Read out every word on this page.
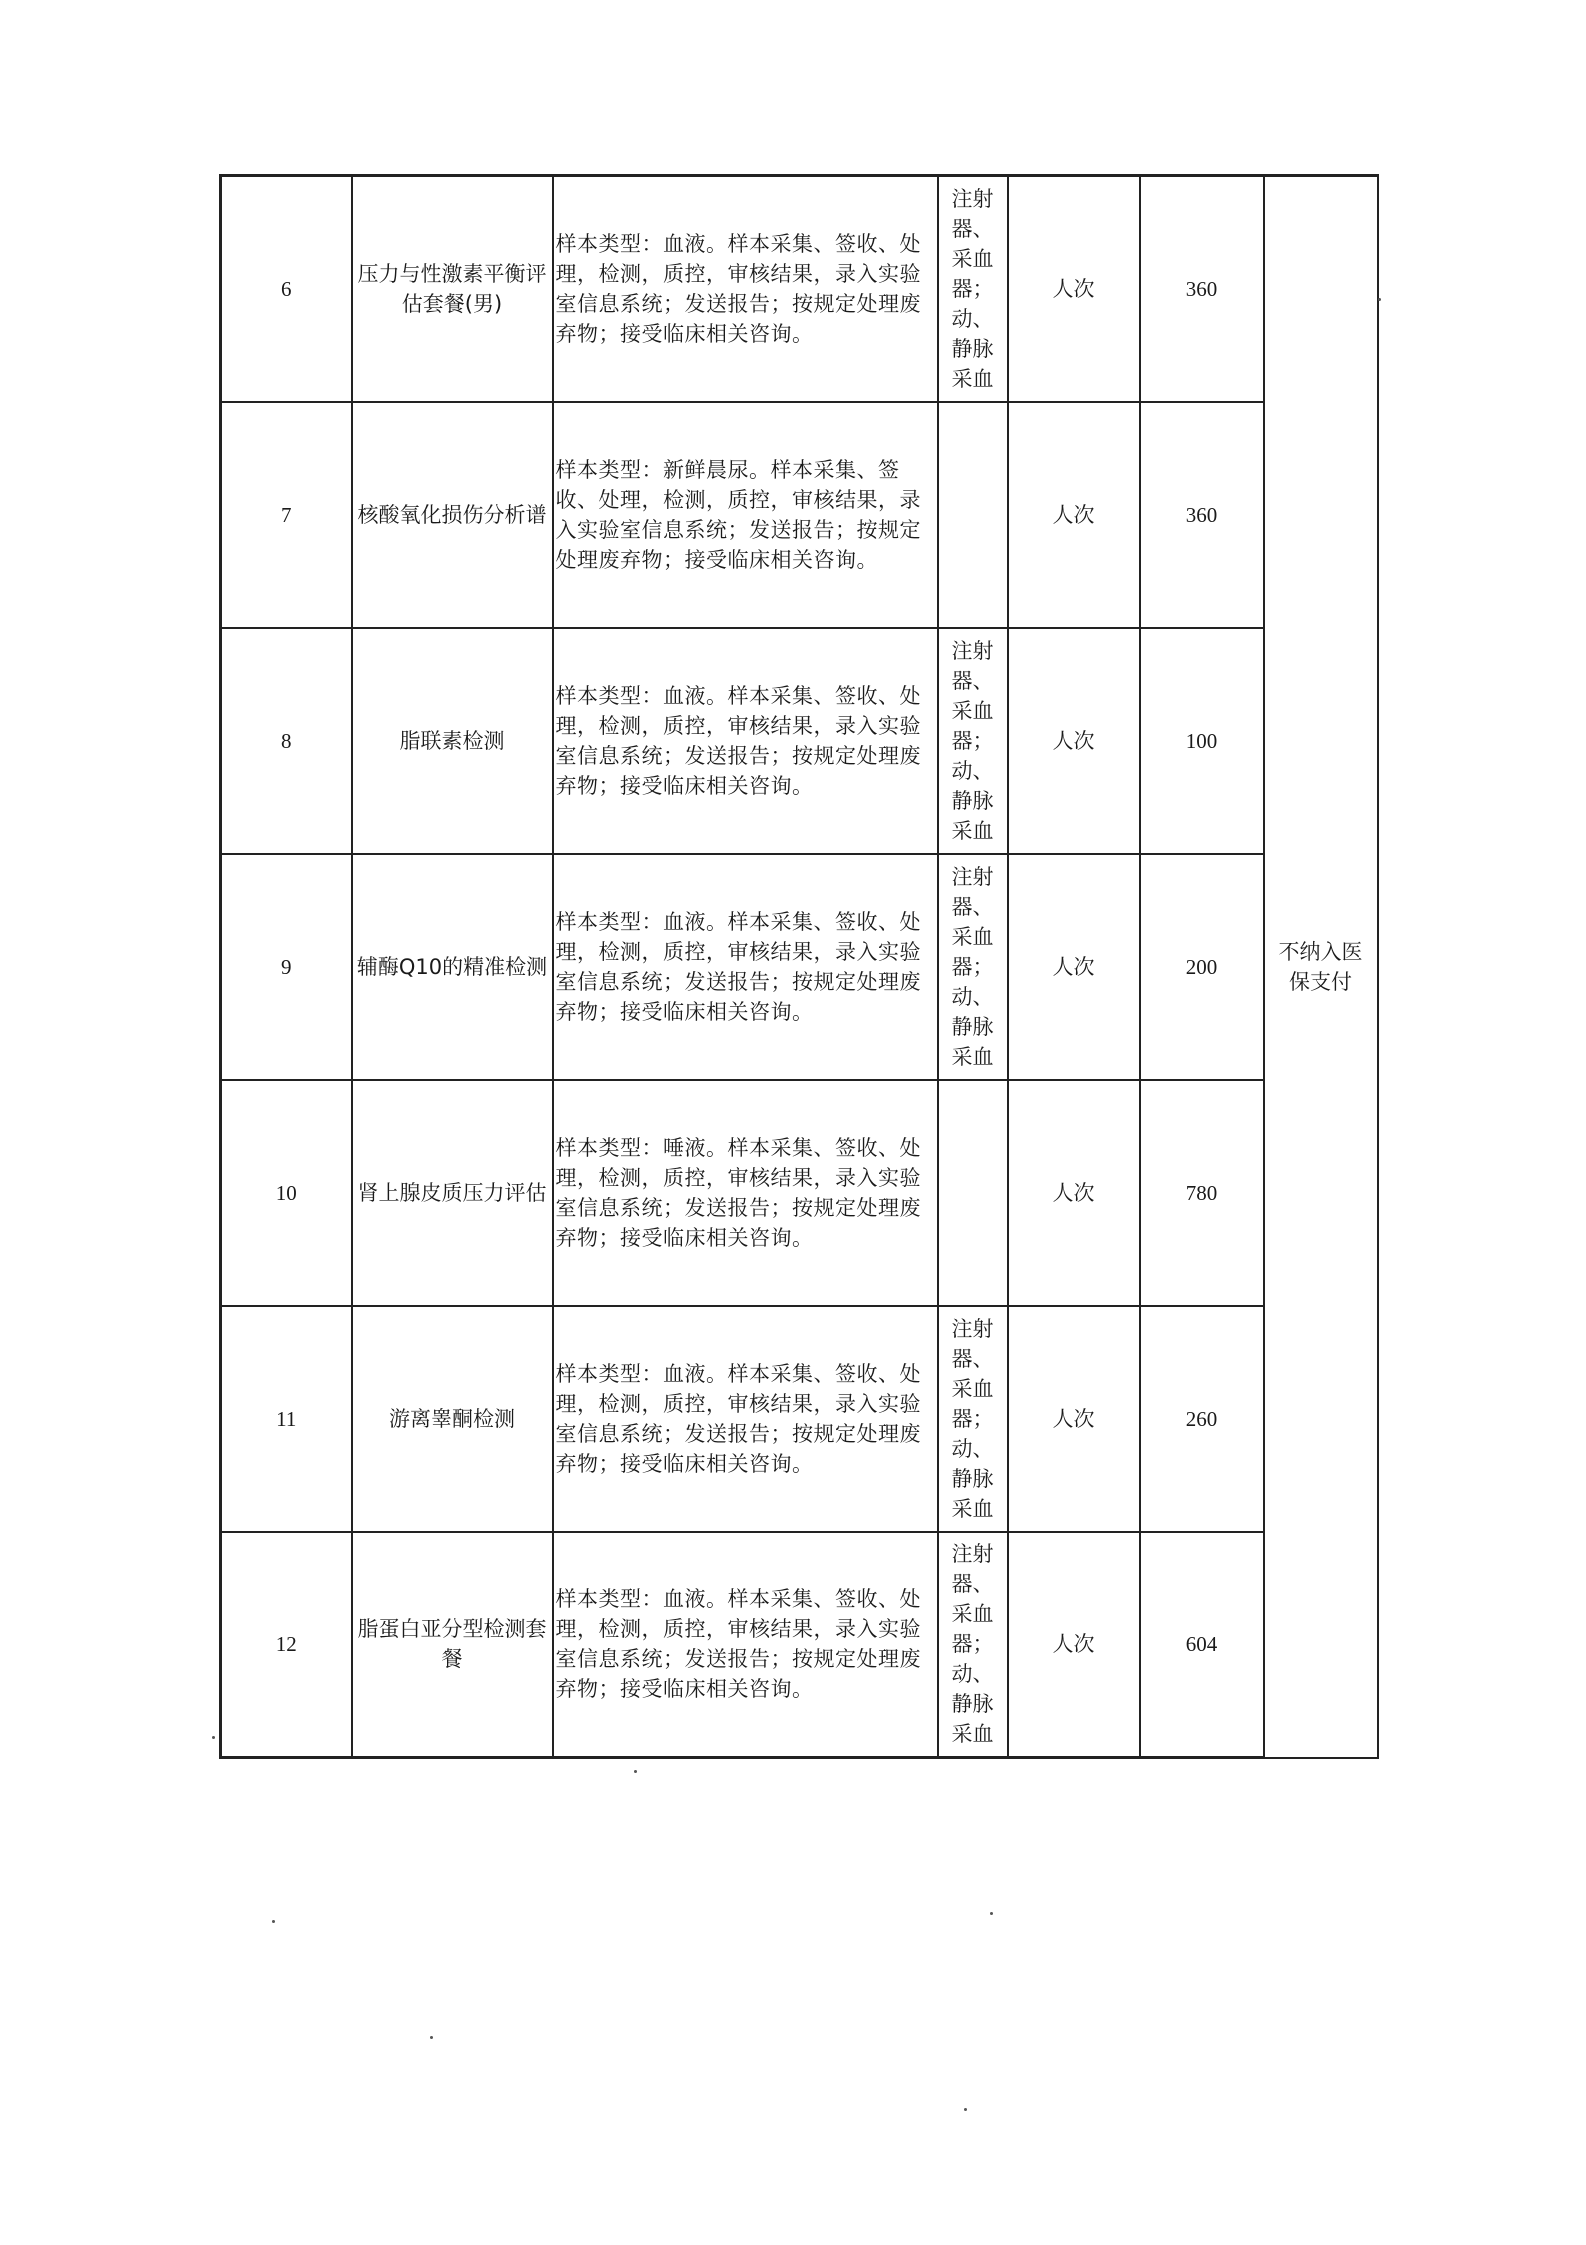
6	压力与性激素平衡评估套餐(男)	样本类型：血液。样本采集、签收、处理，检测，质控，审核结果，录入实验室信息系统；发送报告；按规定处理废弃物；接受临床相关咨询。	注射器、采血器；动、静脉采血	人次	360	不纳入医保支付
7	核酸氧化损伤分析谱	样本类型：新鲜晨尿。样本采集、签收、处理，检测，质控，审核结果，录入实验室信息系统；发送报告；按规定处理废弃物；接受临床相关咨询。		人次	360	
8	脂联素检测	样本类型：血液。样本采集、签收、处理，检测，质控，审核结果，录入实验室信息系统；发送报告；按规定处理废弃物；接受临床相关咨询。	注射器、采血器；动、静脉采血	人次	100	
9	辅酶Q10的精准检测	样本类型：血液。样本采集、签收、处理，检测，质控，审核结果，录入实验室信息系统；发送报告；按规定处理废弃物；接受临床相关咨询。	注射器、采血器；动、静脉采血	人次	200	
10	肾上腺皮质压力评估	样本类型：唾液。样本采集、签收、处理，检测，质控，审核结果，录入实验室信息系统；发送报告；按规定处理废弃物；接受临床相关咨询。		人次	780	
11	游离睾酮检测	样本类型：血液。样本采集、签收、处理，检测，质控，审核结果，录入实验室信息系统；发送报告；按规定处理废弃物；接受临床相关咨询。	注射器、采血器；动、静脉采血	人次	260	
12	脂蛋白亚分型检测套餐	样本类型：血液。样本采集、签收、处理，检测，质控，审核结果，录入实验室信息系统；发送报告；按规定处理废弃物；接受临床相关咨询。	注射器、采血器；动、静脉采血	人次	604	
